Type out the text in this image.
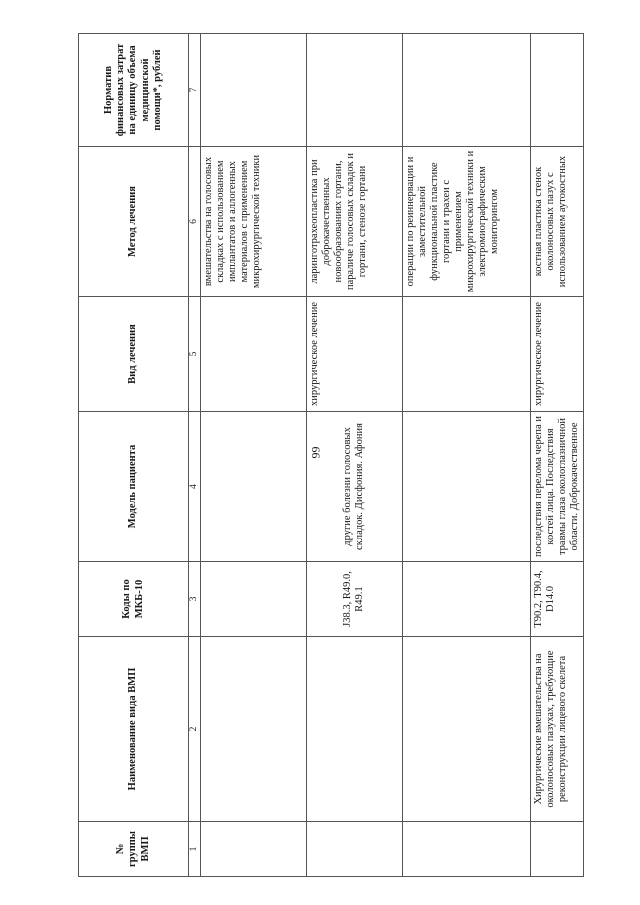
99
№ группы ВМП	Наименование вида ВМП	Коды по МКБ-10	Модель пациента	Вид лечения	Метод лечения	Норматив финансовых затрат на единицу объема медицинской помощи*, рублей
1	2	3	4	5	6	7
					вмешательства на голосовых складках с использованием имплантатов и аллогенных материалов с применением микрохирургической техники	
		J38.3, R49.0, R49.1	другие болезни голосовых складок. Дисфония. Афония	хирургическое лечение	ларинготрахеопластика при доброкачественных новообразованиях гортани, параличе голосовых складок и гортани, стенозе гортани	
					операции по реиннервации и заместительной функциональной пластике гортани и трахеи с применением микрохирургической техники и электромиографическим мониторингом	
	Хирургические вмешательства на околоносовых пазухах, требующие реконструкции лицевого скелета	T90.2, T90.4, D14.0	последствия перелома черепа и костей лица. Последствия травмы глаза окологлазничной области. Доброкачественное	хирургическое лечение	костная пластика стенок околоносовых пазух с использованием аутокостных	
